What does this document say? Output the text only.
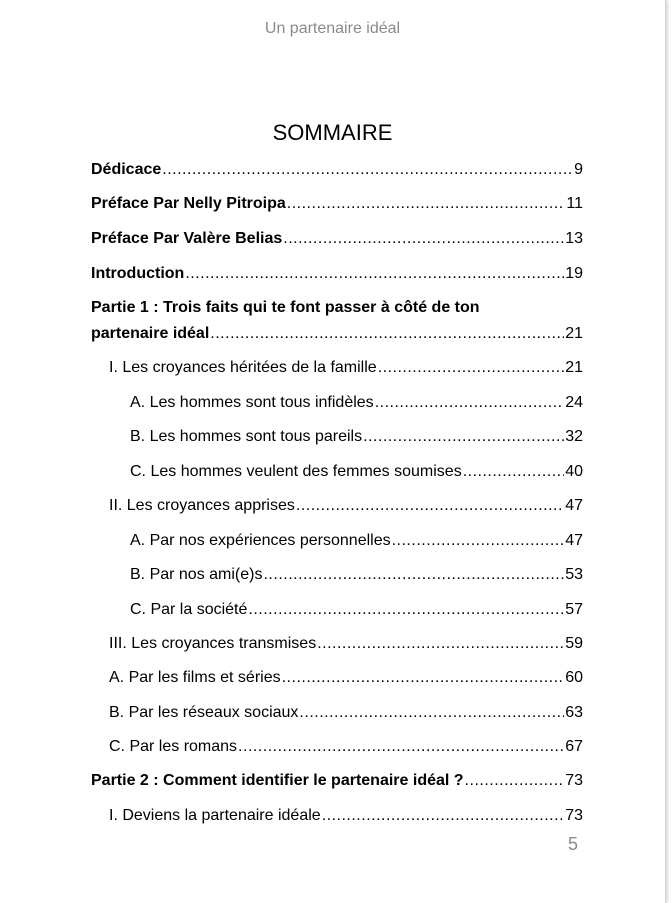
Un partenaire idéal
SOMMAIRE
Dédicace .....	9
Préface Par Nelly Pitroipa .....	11
Préface Par Valère Belias .....	13
Introduction .....	19
Partie 1 : Trois faits qui te font passer à côté de ton
partenaire idéal .....	21
I. Les croyances héritées de la famille .....	21
A. Les hommes sont tous infidèles .....	24
B. Les hommes sont tous pareils .....	32
C. Les hommes veulent des femmes soumises .....	40
II. Les croyances apprises .....	47
A. Par nos expériences personnelles .....	47
B. Par nos ami(e)s .....	53
C. Par la société .....	57
III. Les croyances transmises .....	59
A. Par les films et séries .....	60
B. Par les réseaux sociaux .....	63
C. Par les romans .....	67
Partie 2 : Comment identifier le partenaire idéal ? .....	73
I. Deviens la partenaire idéale .....	73
5
